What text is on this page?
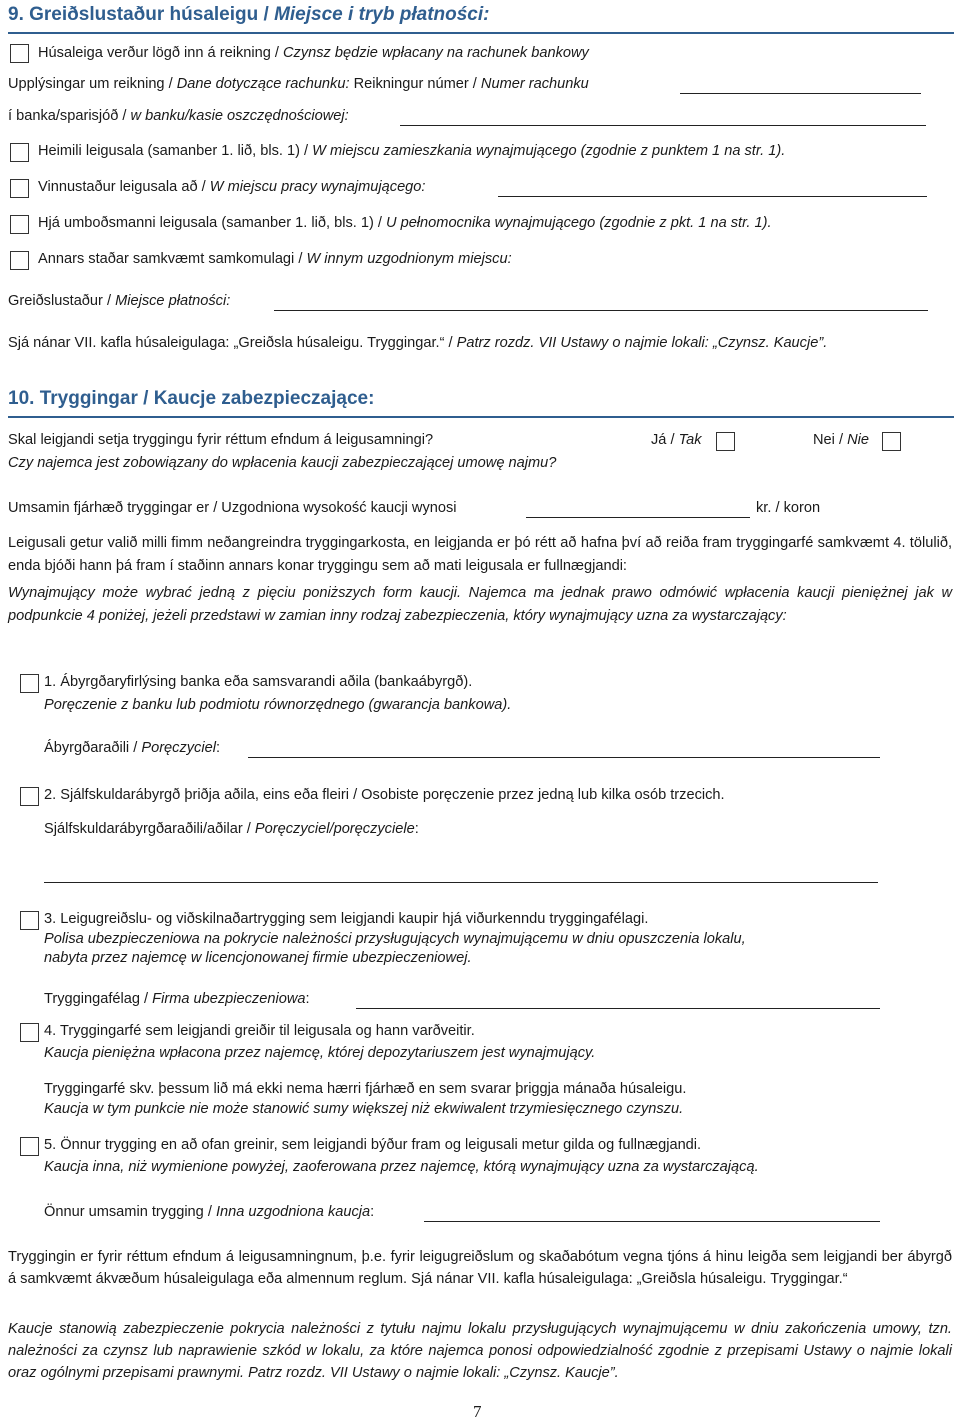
9. Greiðslustaður húsaleigu / Miejsce i tryb płatności:
Húsaleiga verður lögð inn á reikning / Czynsz będzie wpłacany na rachunek bankowy
Upplýsingar um reikning / Dane dotyczące rachunku: Reikningur númer / Numer rachunku
í banka/sparisjóð / w banku/kasie oszczędnościowej:
Heimili leigusala (samanber 1. lið, bls. 1) / W miejscu zamieszkania wynajmującego (zgodnie z punktem 1 na str. 1).
Vinnustaður leigusala að / W miejscu pracy wynajmującego:
Hjá umboðsmanni leigusala (samanber 1. lið, bls. 1) / U pełnomocnika wynajmującego (zgodnie z pkt. 1 na str. 1).
Annars staðar samkvæmt samkomulagi / W innym uzgodnionym miejscu:
Greiðslustaður / Miejsce płatności:
Sjá nánar VII. kafla húsaleigulaga: „Greiðsla húsaleigu. Tryggingar.“ / Patrz rozdz. VII Ustawy o najmie lokali: „Czynsz. Kaucje”.
10. Tryggingar / Kaucje zabezpieczające:
Skal leigjandi setja tryggingu fyrir réttum efndum á leigusamningi?
Czy najemca jest zobowiązany do wpłacenia kaucji zabezpieczającej umowę najmu?
Já / Tak	Nei / Nie
Umsamin fjárhæð tryggingar er / Uzgodniona wysokość kaucji wynosi	kr. / koron
Leigusali getur valið milli fimm neðangreindra tryggingarkosta, en leigjanda er þó rétt að hafna því að reiða fram tryggingarfé samkvæmt 4. tölulið, enda bjóði hann þá fram í staðinn annars konar tryggingu sem að mati leigusala er fullnægjandi:
Wynajmujący może wybrać jedną z pięciu poniższych form kaucji. Najemca ma jednak prawo odmówić wpłacenia kaucji pieniężnej jak w podpunkcie 4 poniżej, jeżeli przedstawi w zamian inny rodzaj zabezpieczenia, który wynajmujący uzna za wystarczający:
1. Ábyrgðaryfirlýsing banka eða samsvarandi aðila (bankaábyrgð).
Poręczenie z banku lub podmiotu równorzędnego (gwarancja bankowa).
Ábyrgðaraðili / Poręczyciel:
2. Sjálfskuldarábyrgð þriðja aðila, eins eða fleiri / Osobiste poręczenie przez jedną lub kilka osób trzecich.
Sjálfskuldarábyrgðaraðili/aðilar / Poręczyciel/poręczyciele:
3. Leigugreiðslu- og viðskilnaðartrygging sem leigjandi kaupir hjá viðurkenndu tryggingafélagi.
Polisa ubezpieczeniowa na pokrycie należności przysługujących wynajmującemu w dniu opuszczenia lokalu,
nabyta przez najemcę w licencjonowanej firmie ubezpieczeniowej.
Tryggingafélag / Firma ubezpieczeniowa:
4. Tryggingarfé sem leigjandi greiðir til leigusala og hann varðveitir.
Kaucja pieniężna wpłacona przez najemcę, której depozytariuszem jest wynajmujący.
Tryggingarfé skv. þessum lið má ekki nema hærri fjárhæð en sem svarar þriggja mánaða húsaleigu.
Kaucja w tym punkcie nie może stanowić sumy większej niż ekwiwalent trzymiesięcznego czynszu.
5. Önnur trygging en að ofan greinir, sem leigjandi býður fram og leigusali metur gilda og fullnægjandi.
Kaucja inna, niż wymienione powyżej, zaoferowana przez najemcę, którą wynajmujący uzna za wystarczającą.
Önnur umsamin trygging / Inna uzgodniona kaucja:
Tryggingin er fyrir réttum efndum á leigusamningnum, þ.e. fyrir leigugreiðslum og skaðabótum vegna tjóns á hinu leigða sem leigjandi ber ábyrgð á samkvæmt ákvæðum húsaleigulaga eða almennum reglum. Sjá nánar VII. kafla húsaleigulaga: „Greiðsla húsaleigu. Tryggingar.“
Kaucje stanowią zabezpieczenie pokrycia należności z tytułu najmu lokalu przysługujących wynajmującemu w dniu zakończenia umowy, tzn. należności za czynsz lub naprawienie szkód w lokalu, za które najemca ponosi odpowiedzialność zgodnie z przepisami Ustawy o najmie lokali oraz ogólnymi przepisami prawnymi. Patrz rozdz. VII Ustawy o najmie lokali: „Czynsz. Kaucje”.
7
